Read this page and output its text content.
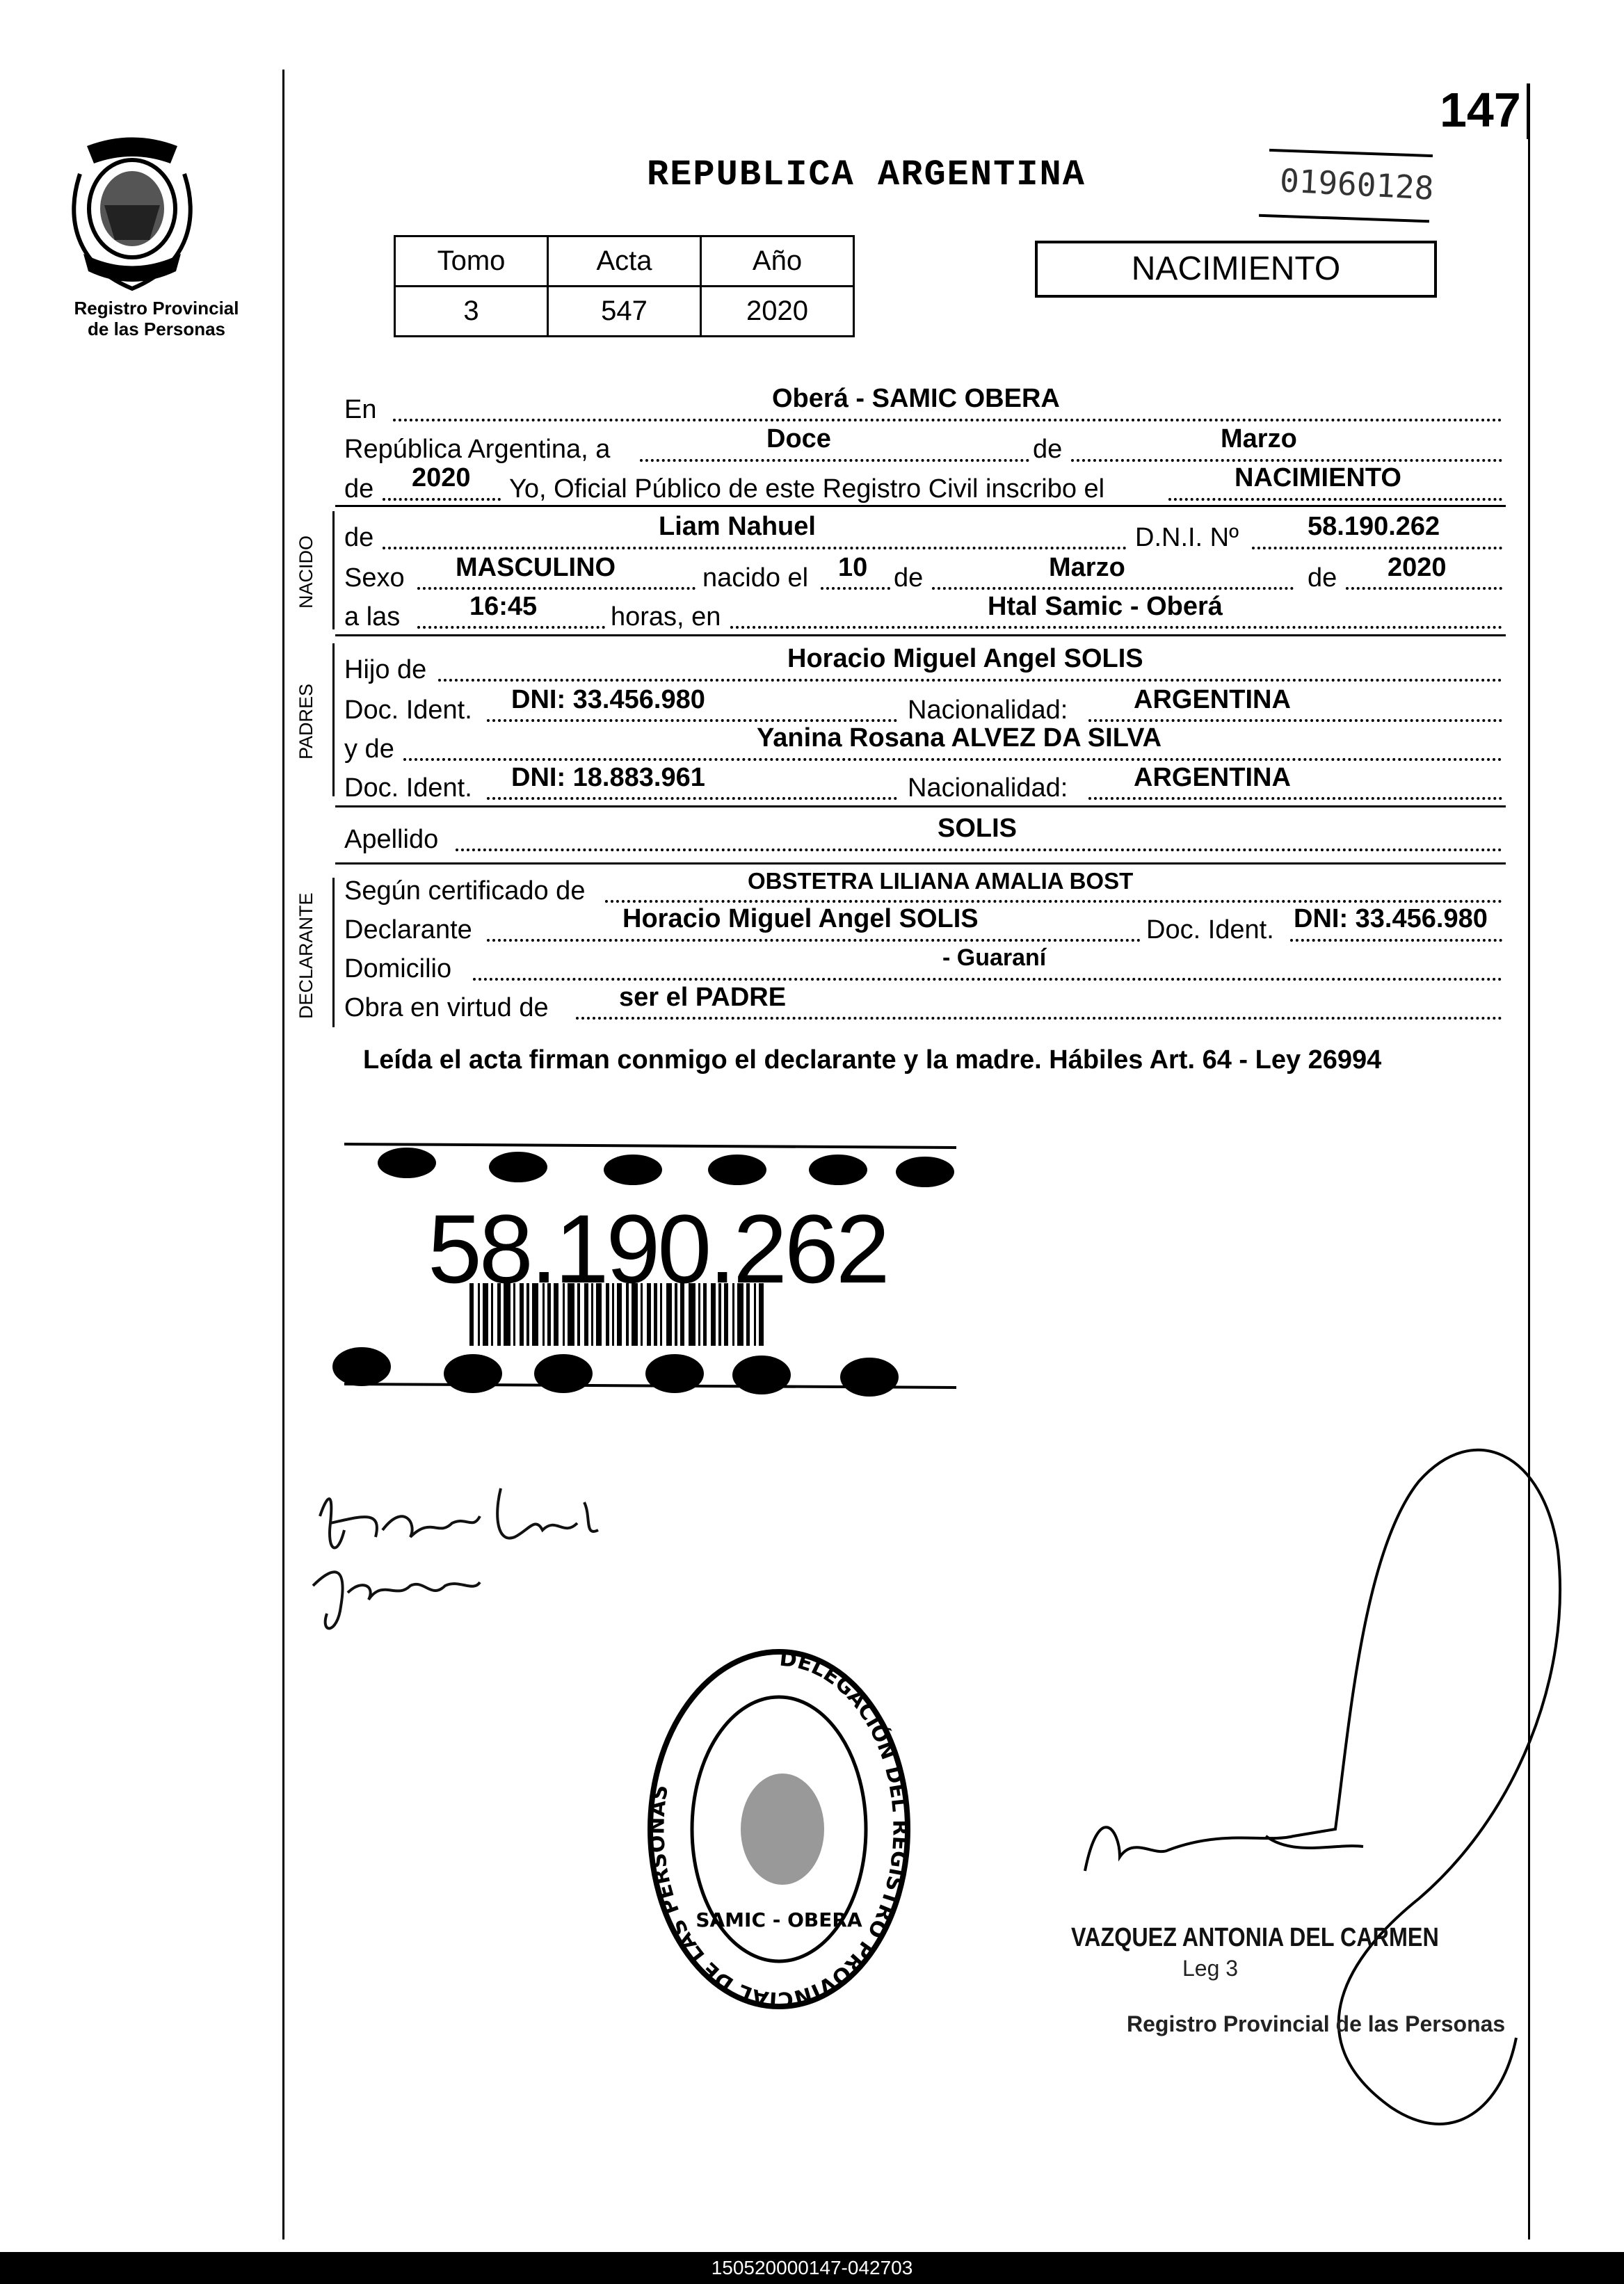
Registro Provincial
de las Personas
147
REPUBLICA ARGENTINA	01960128
Tomo	Acta	Año
3	547	2020
NACIMIENTO
En	Oberá - SAMIC OBERA
República Argentina, a	Doce	de	Marzo
de 2020 Yo, Oficial Público de este Registro Civil inscribo el	NACIMIENTO
NACIDO de	Liam Nahuel	D.N.I. Nº	58.190.262
Sexo MASCULINO	nacido el 10 de	Marzo	de 2020
a las	16:45	horas, en	Htal Samic - Oberá
PADRES
Hijo de	Horacio Miguel Angel SOLIS
Doc. Ident. DNI: 33.456.980	Nacionalidad: ARGENTINA
y de	Yanina Rosana ALVEZ DA SILVA
Doc. Ident. DNI: 18.883.961	Nacionalidad: ARGENTINA
Apellido	SOLIS
DECLARANTE
Según certificado de	OBSTETRA LILIANA AMALIA BOST
Declarante	Horacio Miguel Angel SOLIS	Doc. Ident. DNI: 33.456.980
Domicilio	- Guaraní
Obra en virtud de	ser el PADRE
Leída el acta firman conmigo el declarante y la madre. Hábiles Art. 64 - Ley 26994
58.190.262
DELEGACIÓN DEL REGISTRO PROVINCIAL DE LAS PERSONAS
SAMIC - OBERA
VAZQUEZ ANTONIA DEL CARMEN
Leg 3
Registro Provincial de las Personas
150520000147-042703
